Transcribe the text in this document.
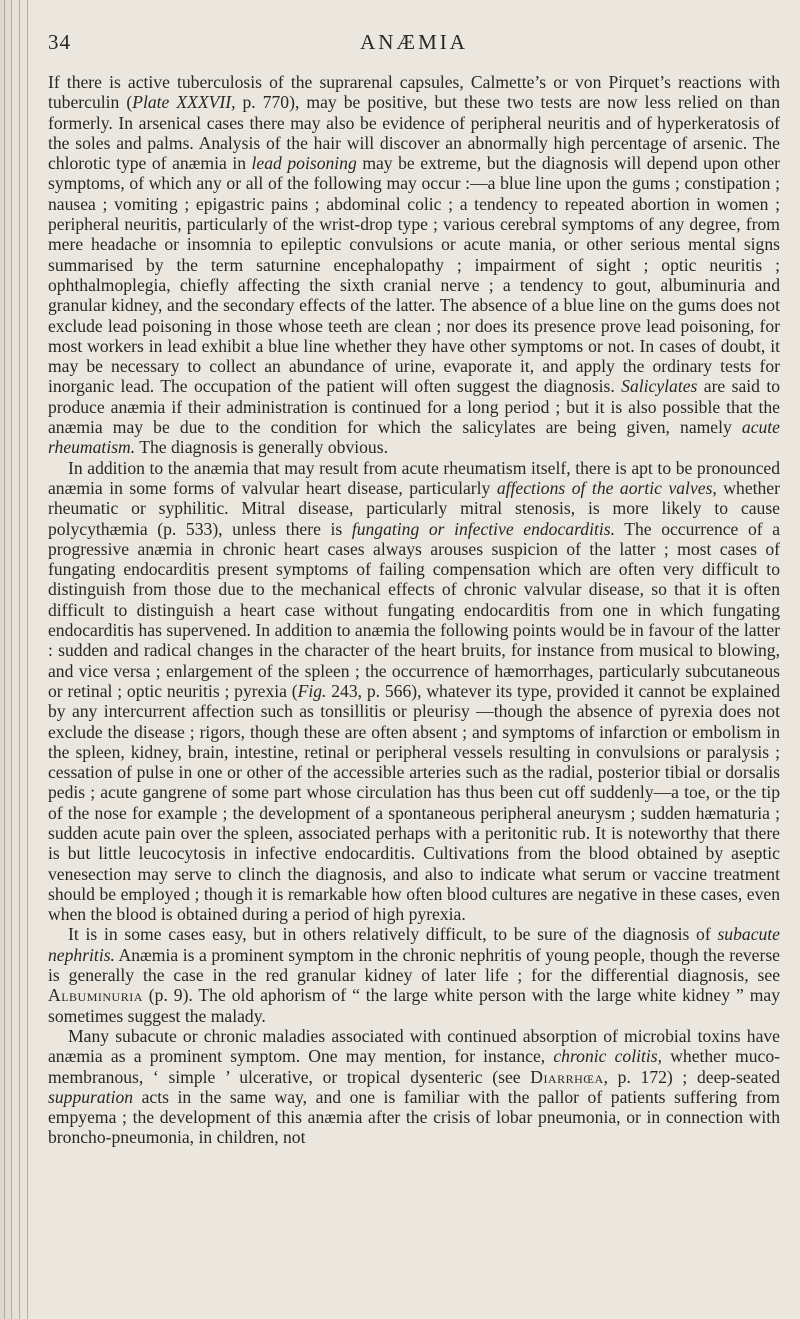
34	ANÆMIA

If there is active tuberculosis of the suprarenal capsules, Calmette’s or von Pirquet’s reactions with tuberculin (Plate XXXVII, p. 770), may be positive, but these two tests are now less relied on than formerly. In arsenical cases there may also be evidence of peripheral neuritis and of hyperkeratosis of the soles and palms. Analysis of the hair will discover an abnormally high percentage of arsenic. The chlorotic type of anæmia in lead poisoning may be extreme, but the diagnosis will depend upon other symptoms, of which any or all of the following may occur :—a blue line upon the gums ; constipation ; nausea ; vomiting ; epigastric pains ; abdominal colic ; a tendency to repeated abortion in women ; peripheral neuritis, particularly of the wrist-drop type ; various cerebral symptoms of any degree, from mere headache or insomnia to epileptic convulsions or acute mania, or other serious mental signs summarised by the term saturnine encephalopathy ; impairment of sight ; optic neuritis ; ophthalmoplegia, chiefly affecting the sixth cranial nerve ; a tendency to gout, albuminuria and granular kidney, and the secondary effects of the latter. The absence of a blue line on the gums does not exclude lead poisoning in those whose teeth are clean ; nor does its presence prove lead poisoning, for most workers in lead exhibit a blue line whether they have other symptoms or not. In cases of doubt, it may be necessary to collect an abundance of urine, evaporate it, and apply the ordinary tests for inorganic lead. The occupation of the patient will often suggest the diagnosis. Salicylates are said to produce anæmia if their administration is continued for a long period ; but it is also possible that the anæmia may be due to the condition for which the salicylates are being given, namely acute rheumatism. The diagnosis is generally obvious.

In addition to the anæmia that may result from acute rheumatism itself, there is apt to be pronounced anæmia in some forms of valvular heart disease, particularly affections of the aortic valves, whether rheumatic or syphilitic. Mitral disease, particularly mitral stenosis, is more likely to cause polycythæmia (p. 533), unless there is fungating or infective endocarditis. The occurrence of a progressive anæmia in chronic heart cases always arouses suspicion of the latter ; most cases of fungating endocarditis present symptoms of failing compensation which are often very difficult to distinguish from those due to the mechanical effects of chronic valvular disease, so that it is often difficult to distinguish a heart case without fungating endocarditis from one in which fungating endocarditis has supervened. In addition to anæmia the following points would be in favour of the latter : sudden and radical changes in the character of the heart bruits, for instance from musical to blowing, and vice versa ; enlargement of the spleen ; the occurrence of hæmorrhages, particularly subcutaneous or retinal ; optic neuritis ; pyrexia (Fig. 243, p. 566), whatever its type, provided it cannot be explained by any intercurrent affection such as tonsillitis or pleurisy —though the absence of pyrexia does not exclude the disease ; rigors, though these are often absent ; and symptoms of infarction or embolism in the spleen, kidney, brain, intestine, retinal or peripheral vessels resulting in convulsions or paralysis ; cessation of pulse in one or other of the accessible arteries such as the radial, posterior tibial or dorsalis pedis ; acute gangrene of some part whose circulation has thus been cut off suddenly—a toe, or the tip of the nose for example ; the development of a spontaneous peripheral aneurysm ; sudden hæmaturia ; sudden acute pain over the spleen, associated perhaps with a peritonitic rub. It is noteworthy that there is but little leucocytosis in infective endocarditis. Cultivations from the blood obtained by aseptic venesection may serve to clinch the diagnosis, and also to indicate what serum or vaccine treatment should be employed ; though it is remarkable how often blood cultures are negative in these cases, even when the blood is obtained during a period of high pyrexia.

It is in some cases easy, but in others relatively difficult, to be sure of the diagnosis of subacute nephritis. Anæmia is a prominent symptom in the chronic nephritis of young people, though the reverse is generally the case in the red granular kidney of later life ; for the differential diagnosis, see Albuminuria (p. 9). The old aphorism of “ the large white person with the large white kidney ” may sometimes suggest the malady.

Many subacute or chronic maladies associated with continued absorption of microbial toxins have anæmia as a prominent symptom. One may mention, for instance, chronic colitis, whether muco-membranous, ‘ simple ’ ulcerative, or tropical dysenteric (see Diarrhœa, p. 172) ; deep-seated suppuration acts in the same way, and one is familiar with the pallor of patients suffering from empyema ; the development of this anæmia after the crisis of lobar pneumonia, or in connection with broncho-pneumonia, in children, not
